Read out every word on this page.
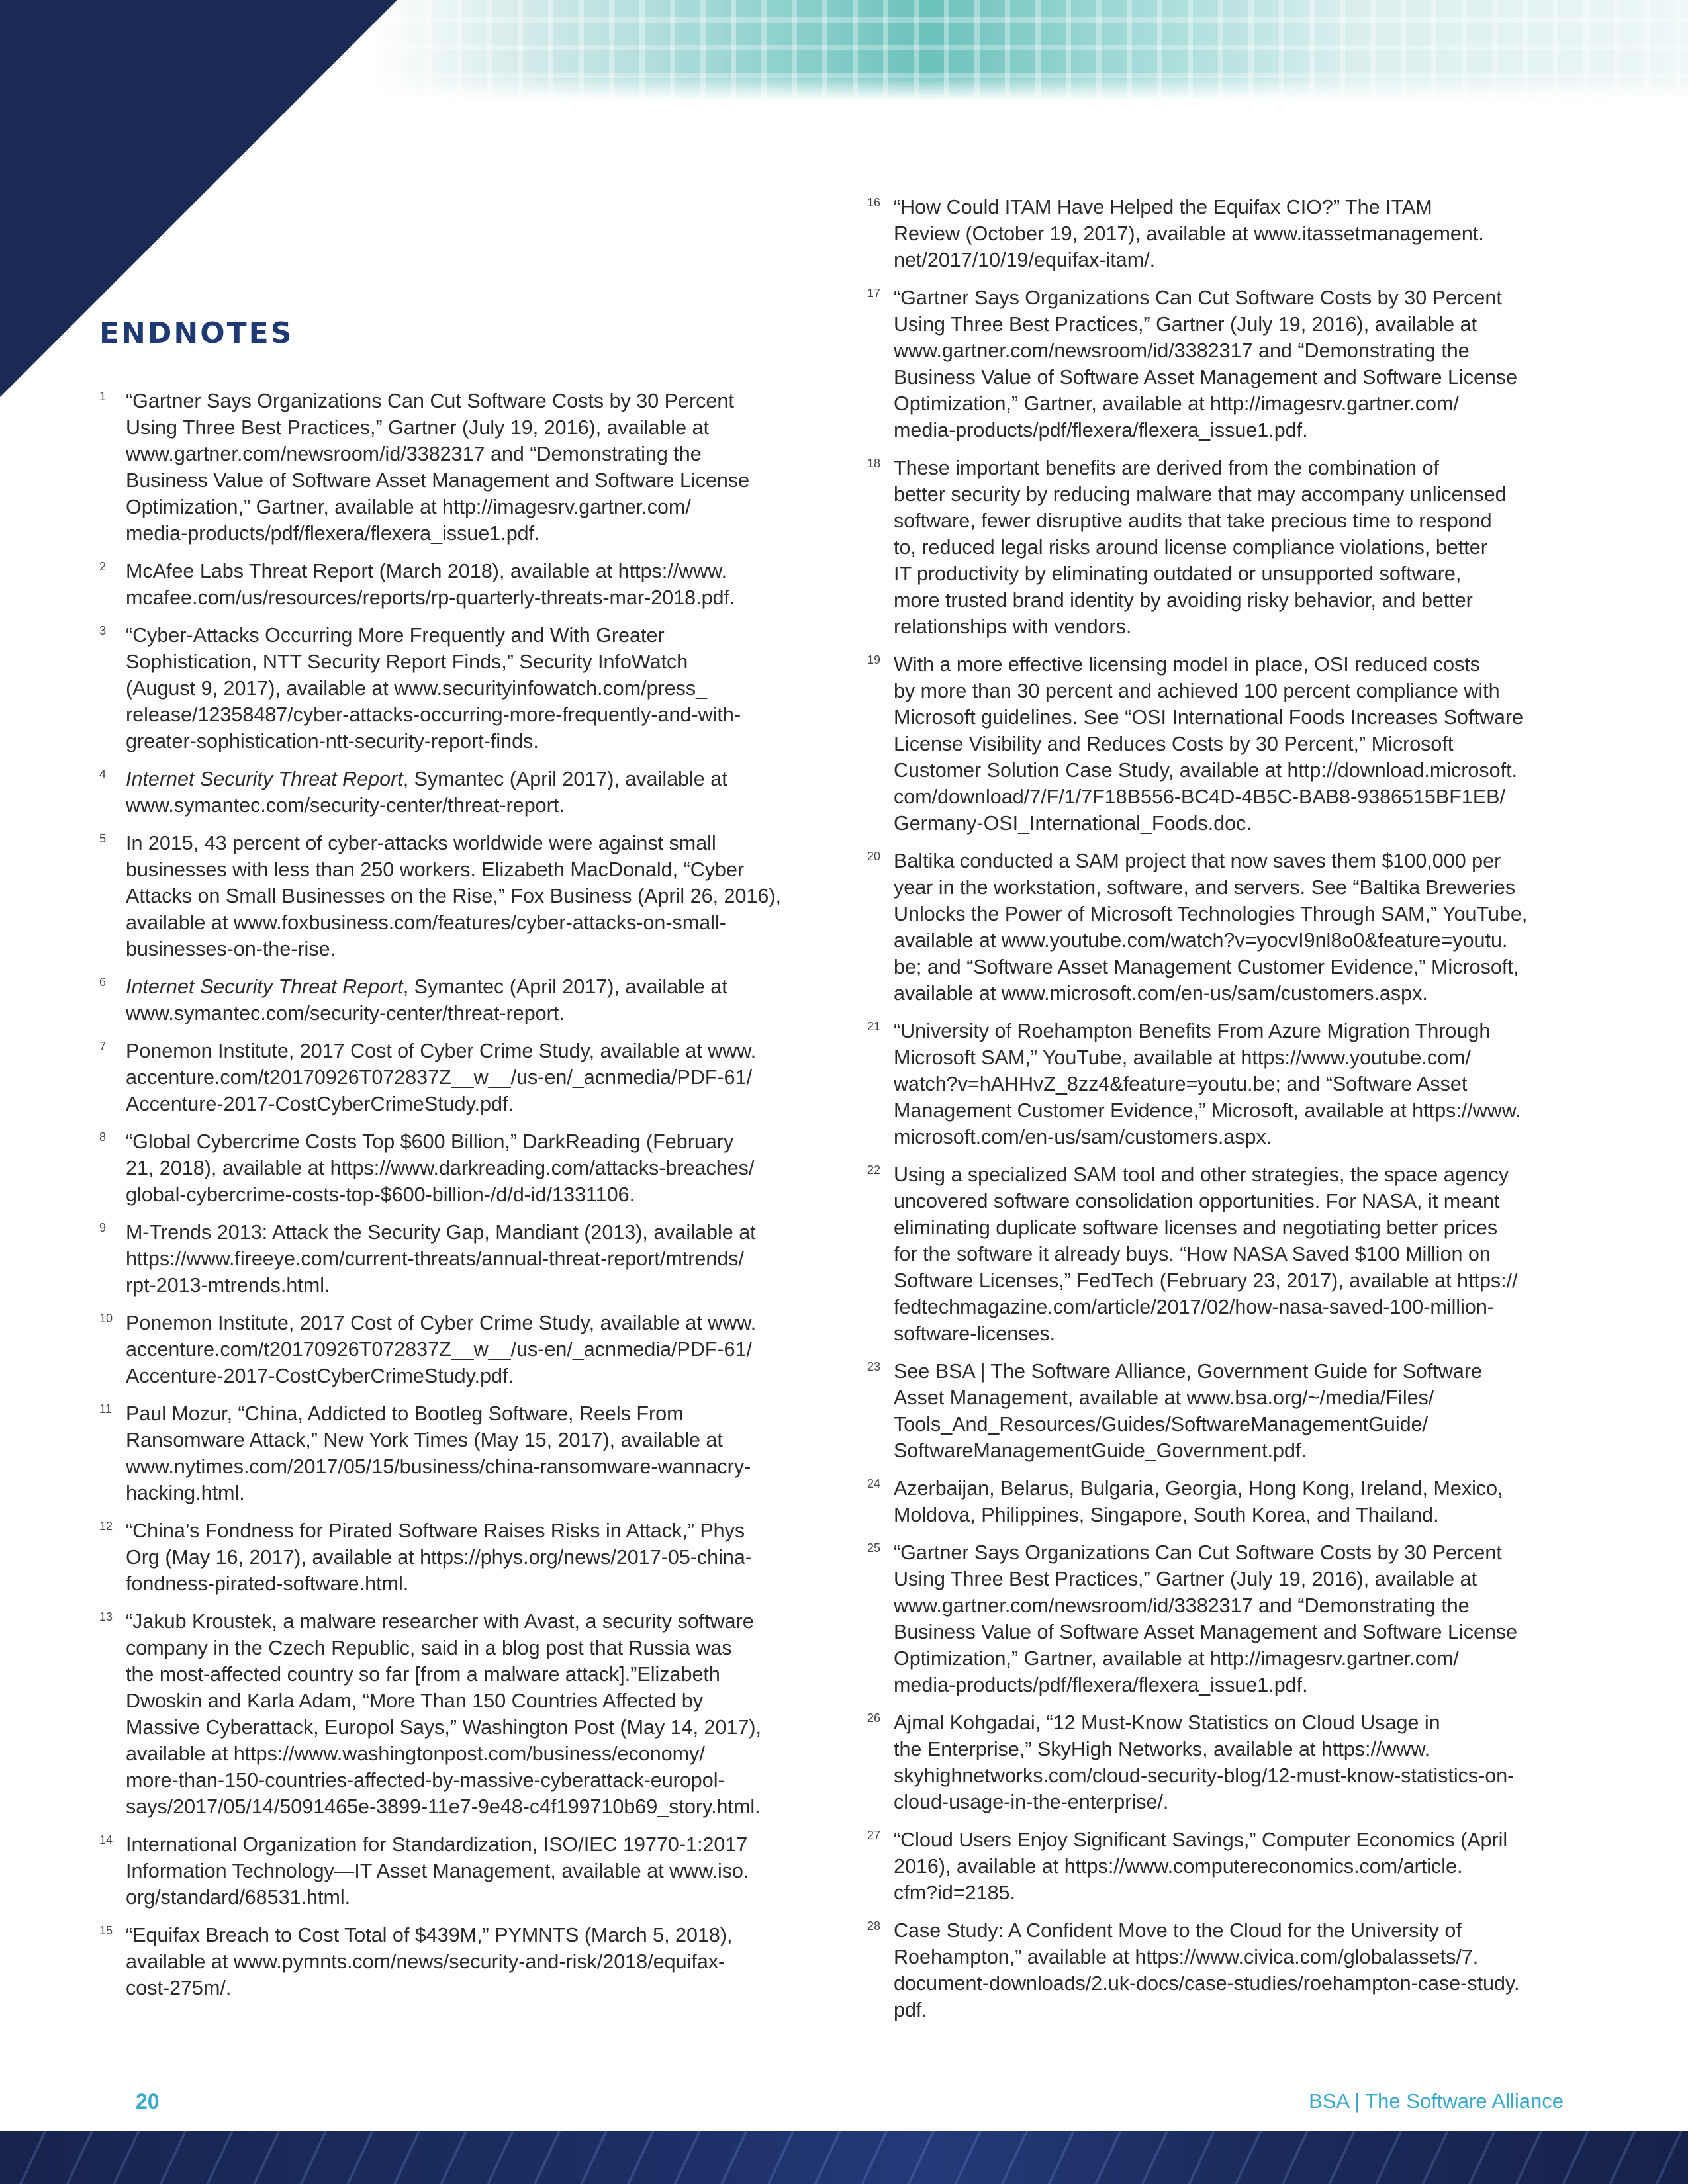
ENDNOTES
1 “Gartner Says Organizations Can Cut Software Costs by 30 Percent
Using Three Best Practices,” Gartner (July 19, 2016), available at
www.gartner.com/newsroom/id/3382317 and “Demonstrating the
Business Value of Software Asset Management and Software License
Optimization,” Gartner, available at http://imagesrv.gartner.com/
media-products/pdf/flexera/flexera_issue1.pdf.
2 McAfee Labs Threat Report (March 2018), available at https://www.
mcafee.com/us/resources/reports/rp-quarterly-threats-mar-2018.pdf.
3 “Cyber-Attacks Occurring More Frequently and With Greater
Sophistication, NTT Security Report Finds,” Security InfoWatch
(August 9, 2017), available at www.securityinfowatch.com/press_
release/12358487/cyber-attacks-occurring-more-frequently-and-with-
greater-sophistication-ntt-security-report-finds.
4 Internet Security Threat Report, Symantec (April 2017), available at
www.symantec.com/security-center/threat-report.
5 In 2015, 43 percent of cyber-attacks worldwide were against small
businesses with less than 250 workers. Elizabeth MacDonald, “Cyber
Attacks on Small Businesses on the Rise,” Fox Business (April 26, 2016),
available at www.foxbusiness.com/features/cyber-attacks-on-small-
businesses-on-the-rise.
6 Internet Security Threat Report, Symantec (April 2017), available at
www.symantec.com/security-center/threat-report.
7 Ponemon Institute, 2017 Cost of Cyber Crime Study, available at www.
accenture.com/t20170926T072837Z__w__/us-en/_acnmedia/PDF-61/
Accenture-2017-CostCyberCrimeStudy.pdf.
8 “Global Cybercrime Costs Top $600 Billion,” DarkReading (February
21, 2018), available at https://www.darkreading.com/attacks-breaches/
global-cybercrime-costs-top-$600-billion-/d/d-id/1331106.
9 M-Trends 2013: Attack the Security Gap, Mandiant (2013), available at
https://www.fireeye.com/current-threats/annual-threat-report/mtrends/
rpt-2013-mtrends.html.
10 Ponemon Institute, 2017 Cost of Cyber Crime Study, available at www.
accenture.com/t20170926T072837Z__w__/us-en/_acnmedia/PDF-61/
Accenture-2017-CostCyberCrimeStudy.pdf.
11 Paul Mozur, “China, Addicted to Bootleg Software, Reels From
Ransomware Attack,” New York Times (May 15, 2017), available at
www.nytimes.com/2017/05/15/business/china-ransomware-wannacry-
hacking.html.
12 “China’s Fondness for Pirated Software Raises Risks in Attack,” Phys
Org (May 16, 2017), available at https://phys.org/news/2017-05-china-
fondness-pirated-software.html.
13 “Jakub Kroustek, a malware researcher with Avast, a security software
company in the Czech Republic, said in a blog post that Russia was
the most-affected country so far [from a malware attack].”Elizabeth
Dwoskin and Karla Adam, “More Than 150 Countries Affected by
Massive Cyberattack, Europol Says,” Washington Post (May 14, 2017),
available at https://www.washingtonpost.com/business/economy/
more-than-150-countries-affected-by-massive-cyberattack-europol-
says/2017/05/14/5091465e-3899-11e7-9e48-c4f199710b69_story.html.
14 International Organization for Standardization, ISO/IEC 19770-1:2017
Information Technology—IT Asset Management, available at www.iso.
org/standard/68531.html.
15 “Equifax Breach to Cost Total of $439M,” PYMNTS (March 5, 2018),
available at www.pymnts.com/news/security-and-risk/2018/equifax-
cost-275m/.
16 “How Could ITAM Have Helped the Equifax CIO?” The ITAM
Review (October 19, 2017), available at www.itassetmanagement.
net/2017/10/19/equifax-itam/.
17 “Gartner Says Organizations Can Cut Software Costs by 30 Percent
Using Three Best Practices,” Gartner (July 19, 2016), available at
www.gartner.com/newsroom/id/3382317 and “Demonstrating the
Business Value of Software Asset Management and Software License
Optimization,” Gartner, available at http://imagesrv.gartner.com/
media-products/pdf/flexera/flexera_issue1.pdf.
18 These important benefits are derived from the combination of
better security by reducing malware that may accompany unlicensed
software, fewer disruptive audits that take precious time to respond
to, reduced legal risks around license compliance violations, better
IT productivity by eliminating outdated or unsupported software,
more trusted brand identity by avoiding risky behavior, and better
relationships with vendors.
19 With a more effective licensing model in place, OSI reduced costs
by more than 30 percent and achieved 100 percent compliance with
Microsoft guidelines. See “OSI International Foods Increases Software
License Visibility and Reduces Costs by 30 Percent,” Microsoft
Customer Solution Case Study, available at http://download.microsoft.
com/download/7/F/1/7F18B556-BC4D-4B5C-BAB8-9386515BF1EB/
Germany-OSI_International_Foods.doc.
20 Baltika conducted a SAM project that now saves them $100,000 per
year in the workstation, software, and servers. See “Baltika Breweries
Unlocks the Power of Microsoft Technologies Through SAM,” YouTube,
available at www.youtube.com/watch?v=yocvI9nl8o0&feature=youtu.
be; and “Software Asset Management Customer Evidence,” Microsoft,
available at www.microsoft.com/en-us/sam/customers.aspx.
21 “University of Roehampton Benefits From Azure Migration Through
Microsoft SAM,” YouTube, available at https://www.youtube.com/
watch?v=hAHHvZ_8zz4&feature=youtu.be; and “Software Asset
Management Customer Evidence,” Microsoft, available at https://www.
microsoft.com/en-us/sam/customers.aspx.
22 Using a specialized SAM tool and other strategies, the space agency
uncovered software consolidation opportunities. For NASA, it meant
eliminating duplicate software licenses and negotiating better prices
for the software it already buys. “How NASA Saved $100 Million on
Software Licenses,” FedTech (February 23, 2017), available at https://
fedtechmagazine.com/article/2017/02/how-nasa-saved-100-million-
software-licenses.
23 See BSA | The Software Alliance, Government Guide for Software
Asset Management, available at www.bsa.org/~/media/Files/
Tools_And_Resources/Guides/SoftwareManagementGuide/
SoftwareManagementGuide_Government.pdf.
24 Azerbaijan, Belarus, Bulgaria, Georgia, Hong Kong, Ireland, Mexico,
Moldova, Philippines, Singapore, South Korea, and Thailand.
25 “Gartner Says Organizations Can Cut Software Costs by 30 Percent
Using Three Best Practices,” Gartner (July 19, 2016), available at
www.gartner.com/newsroom/id/3382317 and “Demonstrating the
Business Value of Software Asset Management and Software License
Optimization,” Gartner, available at http://imagesrv.gartner.com/
media-products/pdf/flexera/flexera_issue1.pdf.
26 Ajmal Kohgadai, “12 Must-Know Statistics on Cloud Usage in
the Enterprise,” SkyHigh Networks, available at https://www.
skyhighnetworks.com/cloud-security-blog/12-must-know-statistics-on-
cloud-usage-in-the-enterprise/.
27 “Cloud Users Enjoy Significant Savings,” Computer Economics (April
2016), available at https://www.computereconomics.com/article.
cfm?id=2185.
28 Case Study: A Confident Move to the Cloud for the University of
Roehampton,” available at https://www.civica.com/globalassets/7.
document-downloads/2.uk-docs/case-studies/roehampton-case-study.
pdf.
20	BSA | The Software Alliance
